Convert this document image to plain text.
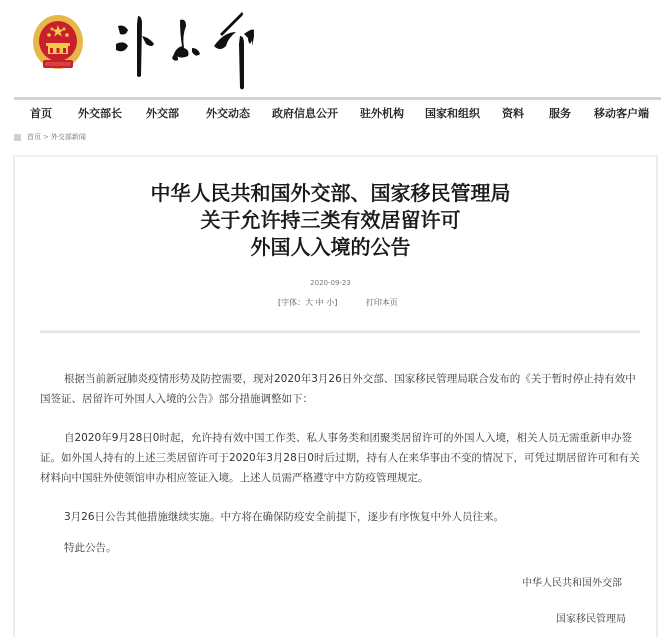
首页 外交部长 外交部 外交动态 政府信息公开 驻外机构 国家和组织 资料 服务 移动客户端
首页 > 外交部新闻
中华人民共和国外交部、国家移民管理局
关于允许持三类有效居留许可
外国人入境的公告
2020-09-23
[字体：大 中 小]	打印本页

根据当前新冠肺炎疫情形势及防控需要，现对2020年3月26日外交部、国家移民管理局联合发布的《关于暂时停止持有效中国签证、居留许可外国人入境的公告》部分措施调整如下：

自2020年9月28日0时起，允许持有效中国工作类、私人事务类和团聚类居留许可的外国人入境，相关人员无需重新申办签证。如外国人持有的上述三类居留许可于2020年3月28日0时后过期，持有人在来华事由不变的情况下，可凭过期居留许可和有关材料向中国驻外使领馆申办相应签证入境。上述人员需严格遵守中方防疫管理规定。

3月26日公告其他措施继续实施。中方将在确保防疫安全前提下，逐步有序恢复中外人员往来。

特此公告。

中华人民共和国外交部
国家移民管理局
